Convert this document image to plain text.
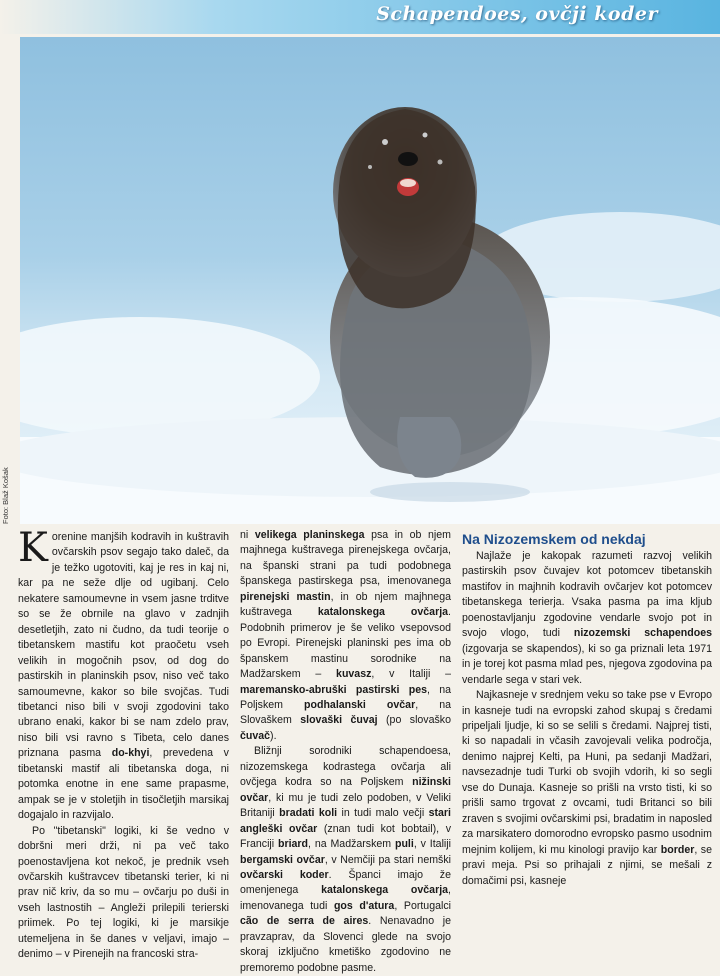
Schapendoes, ovčji koder
Foto: Blaž Košak

Korenine manjših kodravih in kuštravih ovčarskih psov segajo tako daleč, da je težko ugotoviti, kaj je res in kaj ni, kar pa ne seže dlje od ugibanj. Celo nekatere samoumevne in vsem jasne trditve so se že obrnile na glavo v zadnjih desetletjih, zato ni čudno, da tudi teorije o tibetanskem mastifu kot praočetu vseh velikih in mogočnih psov, od dog do pastirskih in planinskih psov, niso več tako samoumevne, kakor so bile svojčas. Tudi tibetanci niso bili v svoji zgodovini tako ubrano enaki, kakor bi se nam zdelo prav, niso bili vsi ravno s Tibeta, celo danes priznana pasma do-khyi, prevedena v tibetanski mastif ali tibetanska doga, ni potomka enotne in ene same prapasme, ampak se je v stoletjih in tisočletjih marsikaj dogajalo in razvijalo.

Po "tibetanski" logiki, ki še vedno v dobršni meri drži, ni pa več tako poenostavljena kot nekoč, je prednik vseh ovčarskih kuštravcev tibetanski terier, ki ni prav nič kriv, da so mu – ovčarju po duši in vseh lastnostih – Angleži prilepili terierski priimek. Po tej logiki, ki je marsikje utemeljena in še danes v veljavi, imajo – denimo – v Pirenejih na francoski stra-

ni velikega planinskega psa in ob njem majhnega kuštravega pirenejskega ovčarja, na španski strani pa tudi podobnega španskega pastirskega psa, imenovanega pirenejski mastin, in ob njem majhnega kuštravega katalonskega ovčarja. Podobnih primerov je še veliko vsepovsod po Evropi. Pirenejski planinski pes ima ob španskem mastinu sorodnike na Madžarskem – kuvasz, v Italiji – maremansko-abruški pastirski pes, na Poljskem podhalanski ovčar, na Slovaškem slovaški čuvaj (po slovaško čuvač).

Bližnji sorodniki schapendoesa, nizozemskega kodrastega ovčarja ali ovčjega kodra so na Poljskem nižinski ovčar, ki mu je tudi zelo podoben, v Veliki Britaniji bradati koli in tudi malo večji stari angleški ovčar (znan tudi kot bobtail), v Franciji briard, na Madžarskem puli, v Italiji bergamski ovčar, v Nemčiji pa stari nemški ovčarski koder. Španci imajo že omenjenega katalonskega ovčarja, imenovanega tudi gos d'atura, Portugalci cão de serra de aires. Nenavadno je pravzaprav, da Slovenci glede na svojo skoraj izključno kmetiško zgodovino ne premoremo podobne pasme.

Na Nizozemskem od nekdaj

Najlaže je kakopak razumeti razvoj velikih pastirskih psov čuvajev kot potomcev tibetanskih mastifov in majhnih kodravih ovčarjev kot potomcev tibetanskega terierja. Vsaka pasma pa ima kljub poenostavljanju zgodovine vendarle svojo pot in svojo vlogo, tudi nizozemski schapendoes (izgovarja se skapendos), ki so ga priznali leta 1971 in je torej kot pasma mlad pes, njegova zgodovina pa vendarle sega v stari vek.

Najkasneje v srednjem veku so take pse v Evropo in kasneje tudi na evropski zahod skupaj s čredami pripeljali ljudje, ki so se selili s čredami. Najprej tisti, ki so napadali in včasih zavojevali velika področja, denimo najprej Kelti, pa Huni, pa sedanji Madžari, navsezadnje tudi Turki ob svojih vdorih, ki so segli vse do Dunaja. Kasneje so prišli na vrsto tisti, ki so prišli samo trgovat z ovcami, tudi Britanci so bili zraven s svojimi ovčarskimi psi, bradatim in naposled za marsikatero domorodno evropsko pasmo usodnim mejnim kolijem, ki mu kinologi pravijo kar border, se pravi meja. Psi so prihajali z njimi, se mešali z domačimi psi, kasneje
